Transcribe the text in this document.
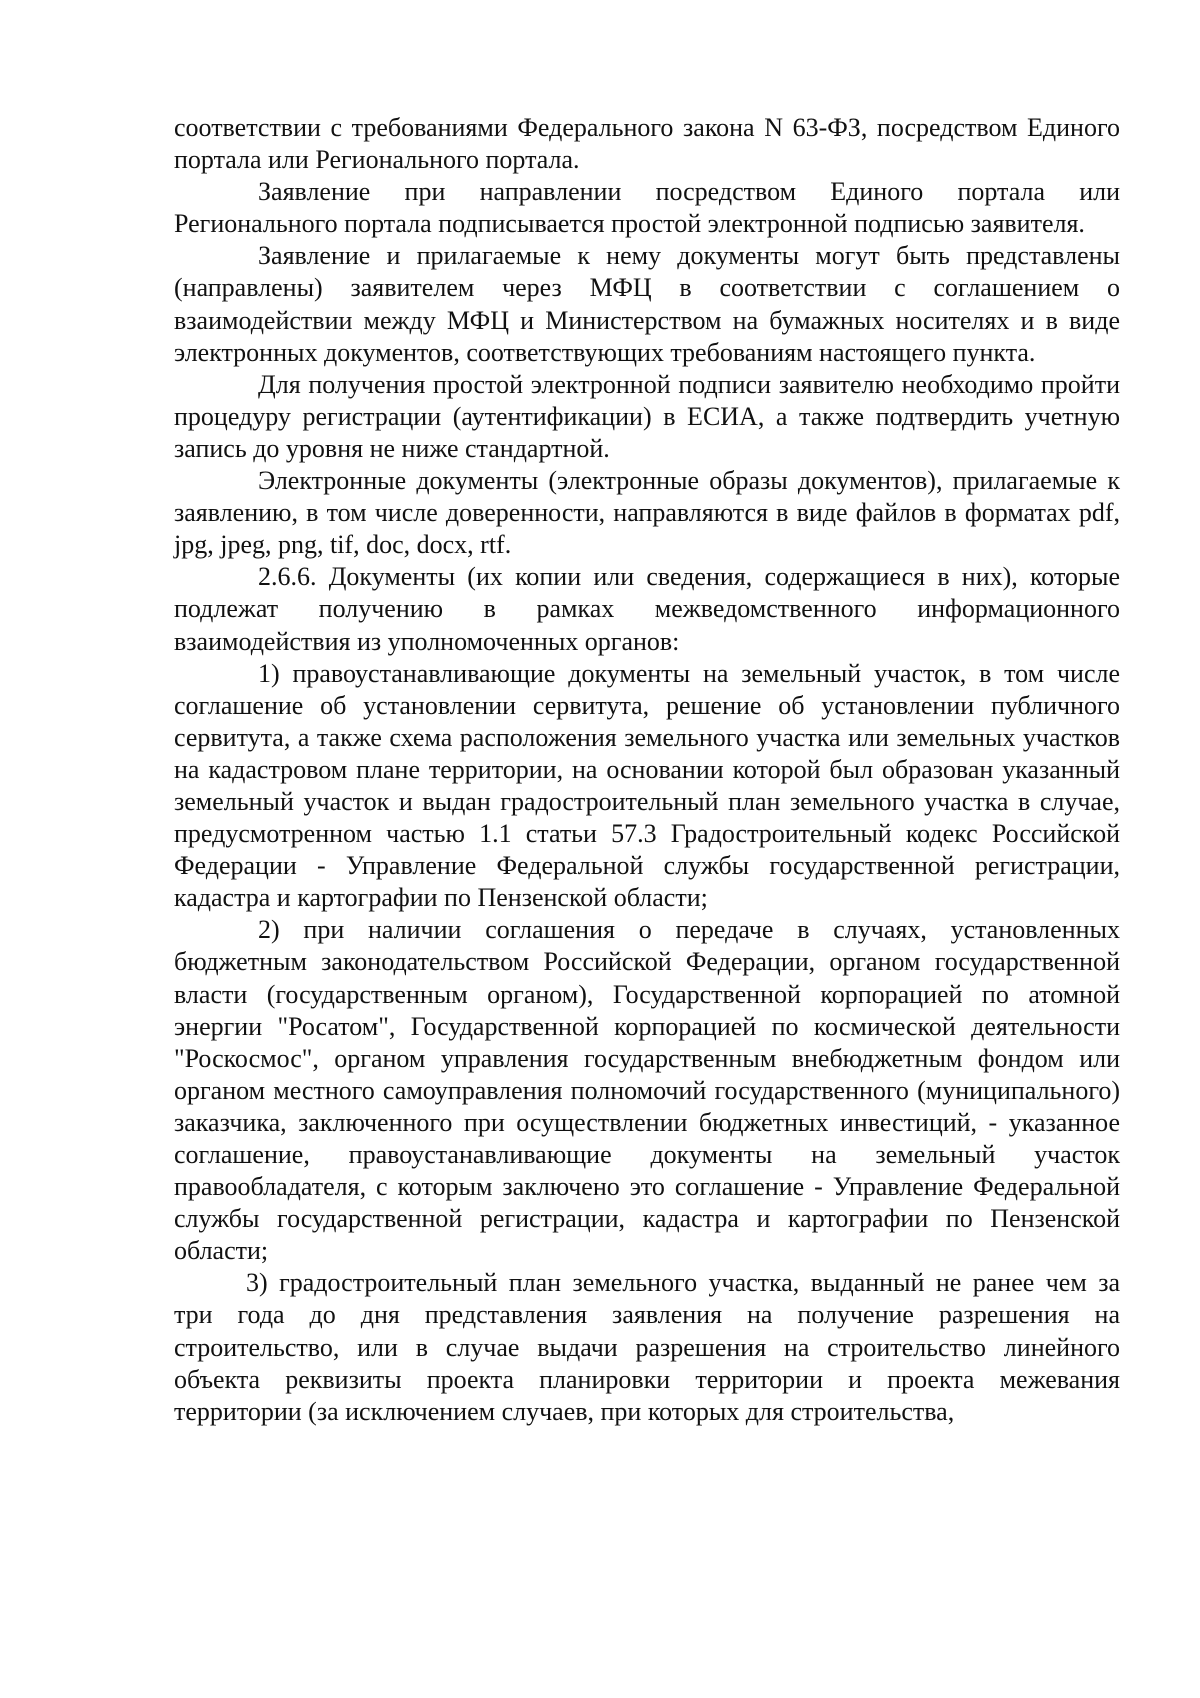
соответствии с требованиями Федерального закона N 63-ФЗ, посредством Единого портала или Регионального портала.

Заявление при направлении посредством Единого портала или Регионального портала подписывается простой электронной подписью заявителя.

Заявление и прилагаемые к нему документы могут быть представлены (направлены) заявителем через МФЦ в соответствии с соглашением о взаимодействии между МФЦ и Министерством на бумажных носителях и в виде электронных документов, соответствующих требованиям настоящего пункта.

Для получения простой электронной подписи заявителю необходимо пройти процедуру регистрации (аутентификации) в ЕСИА, а также подтвердить учетную запись до уровня не ниже стандартной.

Электронные документы (электронные образы документов), прилагаемые к заявлению, в том числе доверенности, направляются в виде файлов в форматах pdf, jpg, jpeg, png, tif, doc, docx, rtf.

2.6.6. Документы (их копии или сведения, содержащиеся в них), которые подлежат получению в рамках межведомственного информационного взаимодействия из уполномоченных органов:

1) правоустанавливающие документы на земельный участок, в том числе соглашение об установлении сервитута, решение об установлении публичного сервитута, а также схема расположения земельного участка или земельных участков на кадастровом плане территории, на основании которой был образован указанный земельный участок и выдан градостроительный план земельного участка в случае, предусмотренном частью 1.1 статьи 57.3 Градостроительный кодекс Российской Федерации - Управление Федеральной службы государственной регистрации, кадастра и картографии по Пензенской области;

2) при наличии соглашения о передаче в случаях, установленных бюджетным законодательством Российской Федерации, органом государственной власти (государственным органом), Государственной корпорацией по атомной энергии "Росатом", Государственной корпорацией по космической деятельности "Роскосмос", органом управления государственным внебюджетным фондом или органом местного самоуправления полномочий государственного (муниципального) заказчика, заключенного при осуществлении бюджетных инвестиций, - указанное соглашение, правоустанавливающие документы на земельный участок правообладателя, с которым заключено это соглашение - Управление Федеральной службы государственной регистрации, кадастра и картографии по Пензенской области;

3) градостроительный план земельного участка, выданный не ранее чем за три года до дня представления заявления на получение разрешения на строительство, или в случае выдачи разрешения на строительство линейного объекта реквизиты проекта планировки территории и проекта межевания территории (за исключением случаев, при которых для строительства,
